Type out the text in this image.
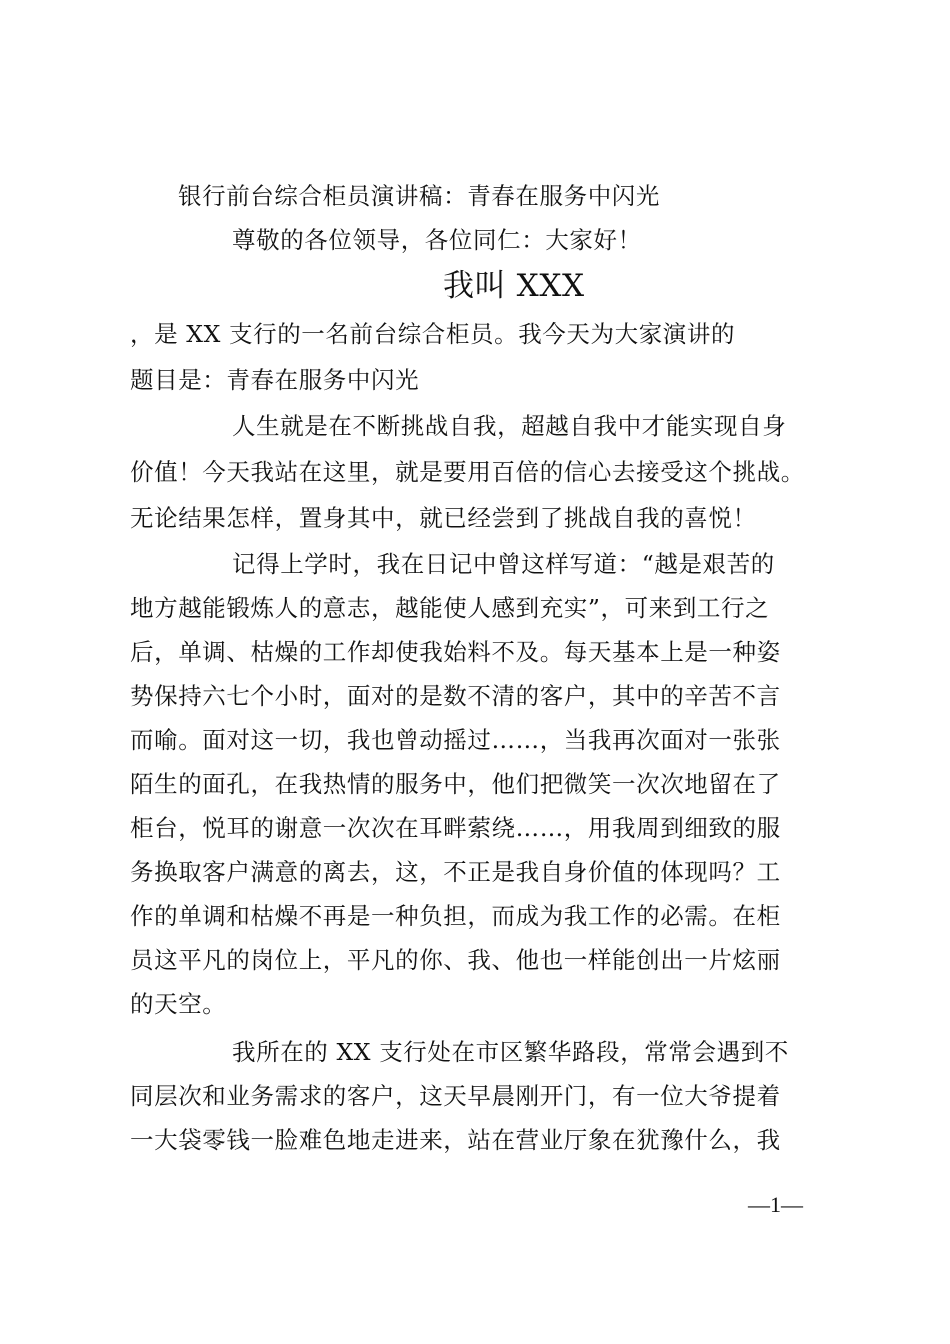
银行前台综合柜员演讲稿：青春在服务中闪光
尊敬的各位领导，各位同仁：大家好！
我叫 XXX
，是 XX 支行的一名前台综合柜员。我今天为大家演讲的
题目是：青春在服务中闪光
人生就是在不断挑战自我，超越自我中才能实现自身
价值！今天我站在这里，就是要用百倍的信心去接受这个挑战。
无论结果怎样，置身其中，就已经尝到了挑战自我的喜悦！
记得上学时，我在日记中曾这样写道：“越是艰苦的
地方越能锻炼人的意志，越能使人感到充实”，可来到工行之
后，单调、枯燥的工作却使我始料不及。每天基本上是一种姿
势保持六七个小时，面对的是数不清的客户，其中的辛苦不言
而喻。面对这一切，我也曾动摇过……，当我再次面对一张张
陌生的面孔，在我热情的服务中，他们把微笑一次次地留在了
柜台，悦耳的谢意一次次在耳畔萦绕……，用我周到细致的服
务换取客户满意的离去，这，不正是我自身价值的体现吗？工
作的单调和枯燥不再是一种负担，而成为我工作的必需。在柜
员这平凡的岗位上，平凡的你、我、他也一样能创出一片炫丽
的天空。
我所在的 XX 支行处在市区繁华路段，常常会遇到不
同层次和业务需求的客户，这天早晨刚开门，有一位大爷提着
一大袋零钱一脸难色地走进来，站在营业厅象在犹豫什么，我
—1—
